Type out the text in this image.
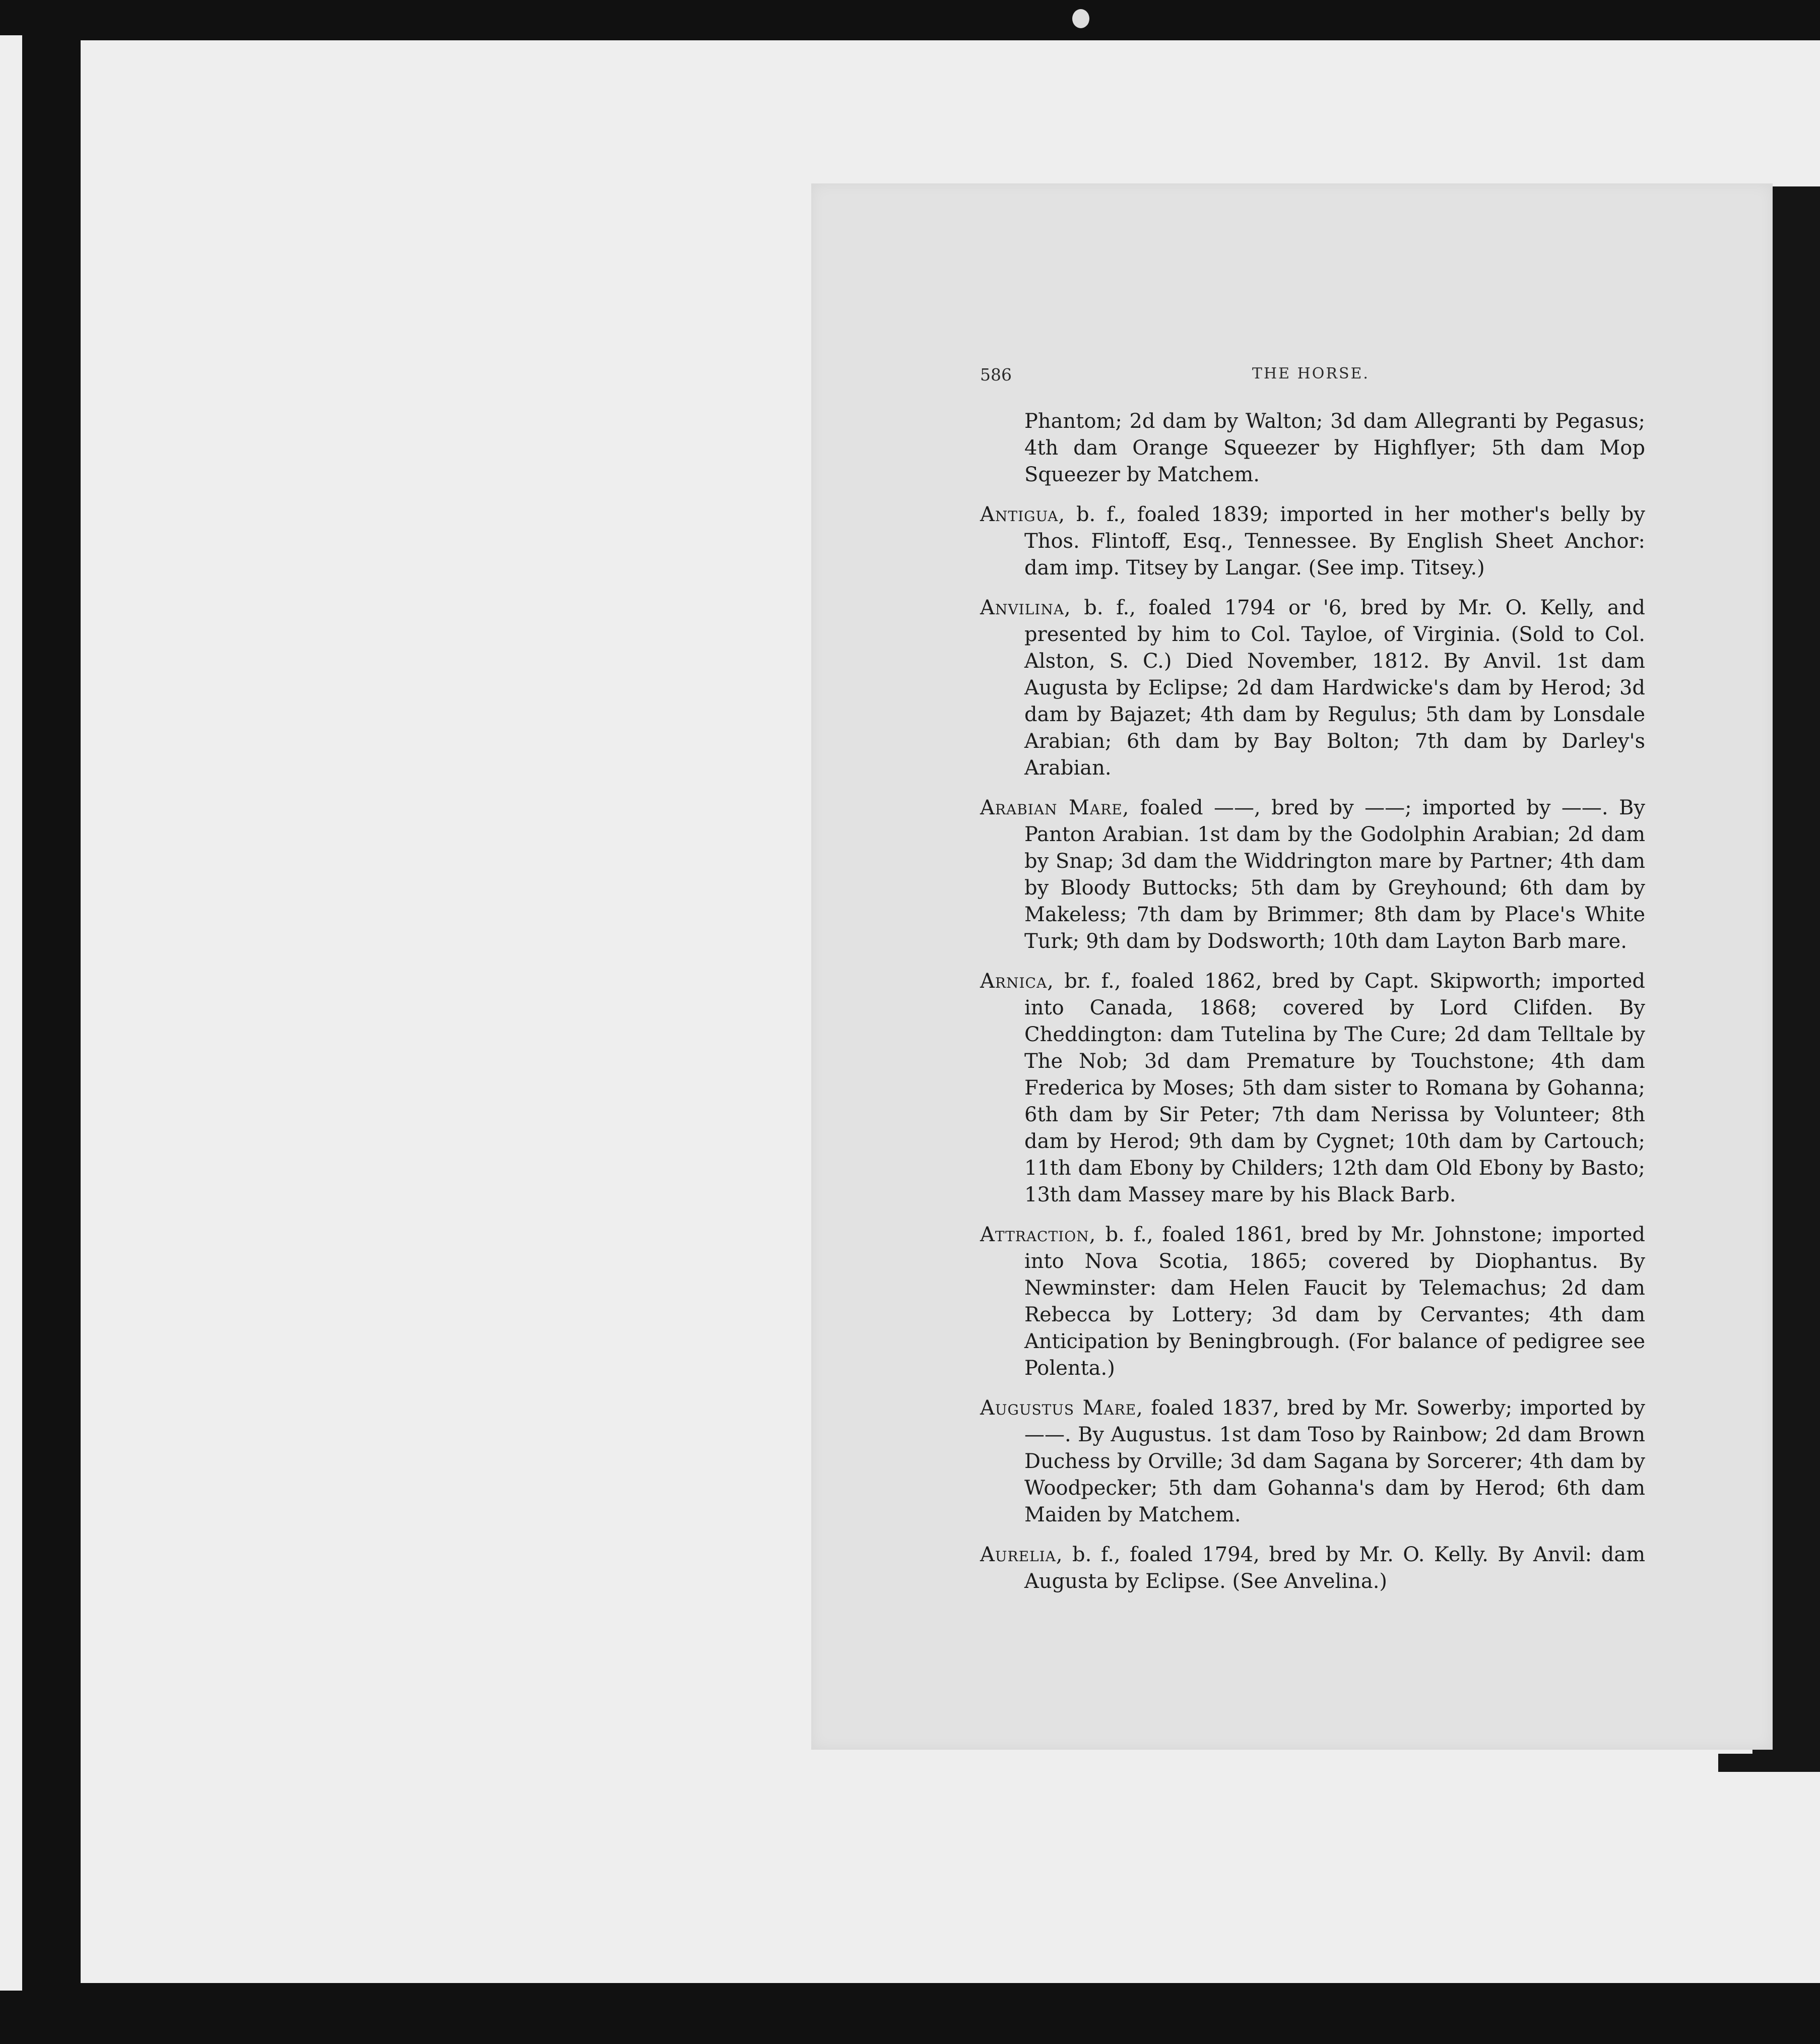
586	THE HORSE.

Phantom; 2d dam by Walton; 3d dam Allegranti by Pegasus; 4th dam Orange Squeezer by Highflyer; 5th dam Mop Squeezer by Matchem.

Antigua, b. f., foaled 1839; imported in her mother's belly by Thos. Flintoff, Esq., Tennessee. By English Sheet Anchor: dam imp. Titsey by Langar. (See imp. Titsey.)

Anvilina, b. f., foaled 1794 or '6, bred by Mr. O. Kelly, and presented by him to Col. Tayloe, of Virginia. (Sold to Col. Alston, S. C.) Died November, 1812. By Anvil. 1st dam Augusta by Eclipse; 2d dam Hardwicke's dam by Herod; 3d dam by Bajazet; 4th dam by Regulus; 5th dam by Lonsdale Arabian; 6th dam by Bay Bolton; 7th dam by Darley's Arabian.

Arabian Mare, foaled ——, bred by ——; imported by ——. By Panton Arabian. 1st dam by the Godolphin Arabian; 2d dam by Snap; 3d dam the Widdrington mare by Partner; 4th dam by Bloody Buttocks; 5th dam by Greyhound; 6th dam by Makeless; 7th dam by Brimmer; 8th dam by Place's White Turk; 9th dam by Dodsworth; 10th dam Layton Barb mare.

Arnica, br. f., foaled 1862, bred by Capt. Skipworth; imported into Canada, 1868; covered by Lord Clifden. By Cheddington: dam Tutelina by The Cure; 2d dam Telltale by The Nob; 3d dam Premature by Touchstone; 4th dam Frederica by Moses; 5th dam sister to Romana by Gohanna; 6th dam by Sir Peter; 7th dam Nerissa by Volunteer; 8th dam by Herod; 9th dam by Cygnet; 10th dam by Cartouch; 11th dam Ebony by Childers; 12th dam Old Ebony by Basto; 13th dam Massey mare by his Black Barb.

Attraction, b. f., foaled 1861, bred by Mr. Johnstone; imported into Nova Scotia, 1865; covered by Diophantus. By Newminster: dam Helen Faucit by Telemachus; 2d dam Rebecca by Lottery; 3d dam by Cervantes; 4th dam Anticipation by Beningbrough. (For balance of pedigree see Polenta.)

Augustus Mare, foaled 1837, bred by Mr. Sowerby; imported by ——. By Augustus. 1st dam Toso by Rainbow; 2d dam Brown Duchess by Orville; 3d dam Sagana by Sorcerer; 4th dam by Woodpecker; 5th dam Gohanna's dam by Herod; 6th dam Maiden by Matchem.

Aurelia, b. f., foaled 1794, bred by Mr. O. Kelly. By Anvil: dam Augusta by Eclipse. (See Anvelina.)
